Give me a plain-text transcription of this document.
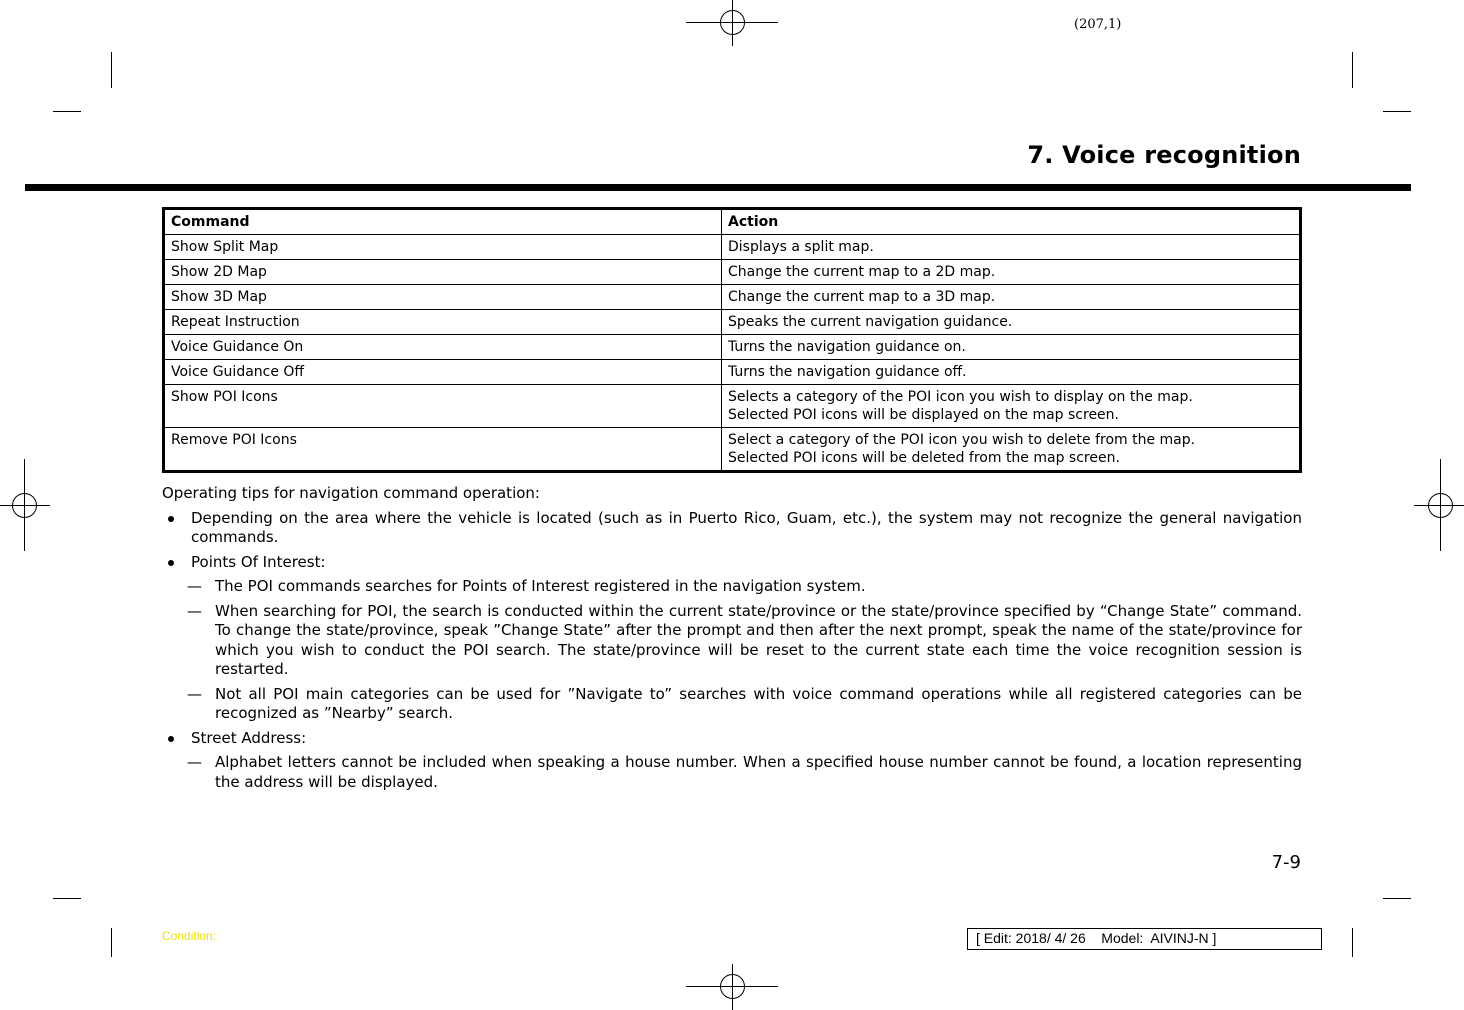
(207,1)
7. Voice recognition
Command	Action
Show Split Map	Displays a split map.
Show 2D Map	Change the current map to a 2D map.
Show 3D Map	Change the current map to a 3D map.
Repeat Instruction	Speaks the current navigation guidance.
Voice Guidance On	Turns the navigation guidance on.
Voice Guidance Off	Turns the navigation guidance off.
Show POI Icons	Selects a category of the POI icon you wish to display on the map.
Selected POI icons will be displayed on the map screen.
Remove POI Icons	Select a category of the POI icon you wish to delete from the map.
Selected POI icons will be deleted from the map screen.

Operating tips for navigation command operation:

Depending on the area where the vehicle is located (such as in Puerto Rico, Guam, etc.), the system may not recognize the general navigation commands.
Points Of Interest:
— The POI commands searches for Points of Interest registered in the navigation system.
— When searching for POI, the search is conducted within the current state/province or the state/province specified by “Change State” command. To change the state/province, speak ”Change State” after the prompt and then after the next prompt, speak the name of the state/province for which you wish to conduct the POI search. The state/province will be reset to the current state each time the voice recognition session is restarted.
— Not all POI main categories can be used for ”Navigate to” searches with voice command operations while all registered categories can be recognized as ”Nearby” search.
Street Address:
— Alphabet letters cannot be included when speaking a house number. When a specified house number cannot be found, a location representing the address will be displayed.
7-9
Condition:	[ Edit: 2018/ 4/ 26    Model:  AIVINJ-N ]
